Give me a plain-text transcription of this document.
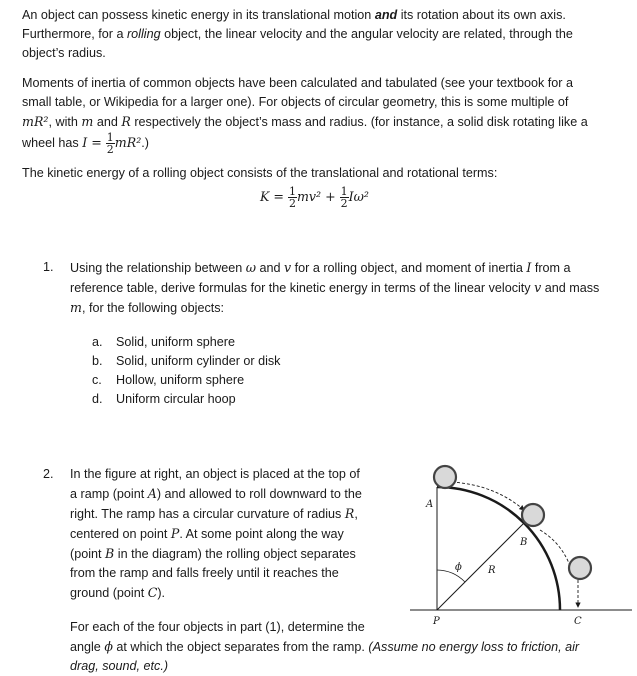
An object can possess kinetic energy in its translational motion and its rotation about its own axis.
Furthermore, for a rolling object, the linear velocity and the angular velocity are related, through the
object’s radius.
Moments of inertia of common objects have been calculated and tabulated (see your textbook for a
small table, or Wikipedia for a larger one). For objects of circular geometry, this is some multiple of
mR², with m and R respectively the object’s mass and radius. (for instance, a solid disk rotating like a
wheel has $I = \frac{1}{2} mR^2$.)
The kinetic energy of a rolling object consists of the translational and rotational terms:
$K = \frac{1}{2} mv^2 + \frac{1}{2} I\omega^2$
1. Using the relationship between ω and v for a rolling object, and moment of inertia I from a
reference table, derive formulas for the kinetic energy in terms of the linear velocity v and mass
m, for the following objects:
a. Solid, uniform sphere
b. Solid, uniform cylinder or disk
c. Hollow, uniform sphere
d. Uniform circular hoop
2. In the figure at right, an object is placed at the top of
a ramp (point A) and allowed to roll downward to the
right. The ramp has a circular curvature of radius R,
centered on point P. At some point along the way
(point B in the diagram) the rolling object separates
from the ramp and falls freely until it reaches the
ground (point C).
For each of the four objects in part (1), determine the
angle ϕ at which the object separates from the ramp. (Assume no energy loss to friction, air
drag, sound, etc.)
A
B
C
P
R
ϕ
